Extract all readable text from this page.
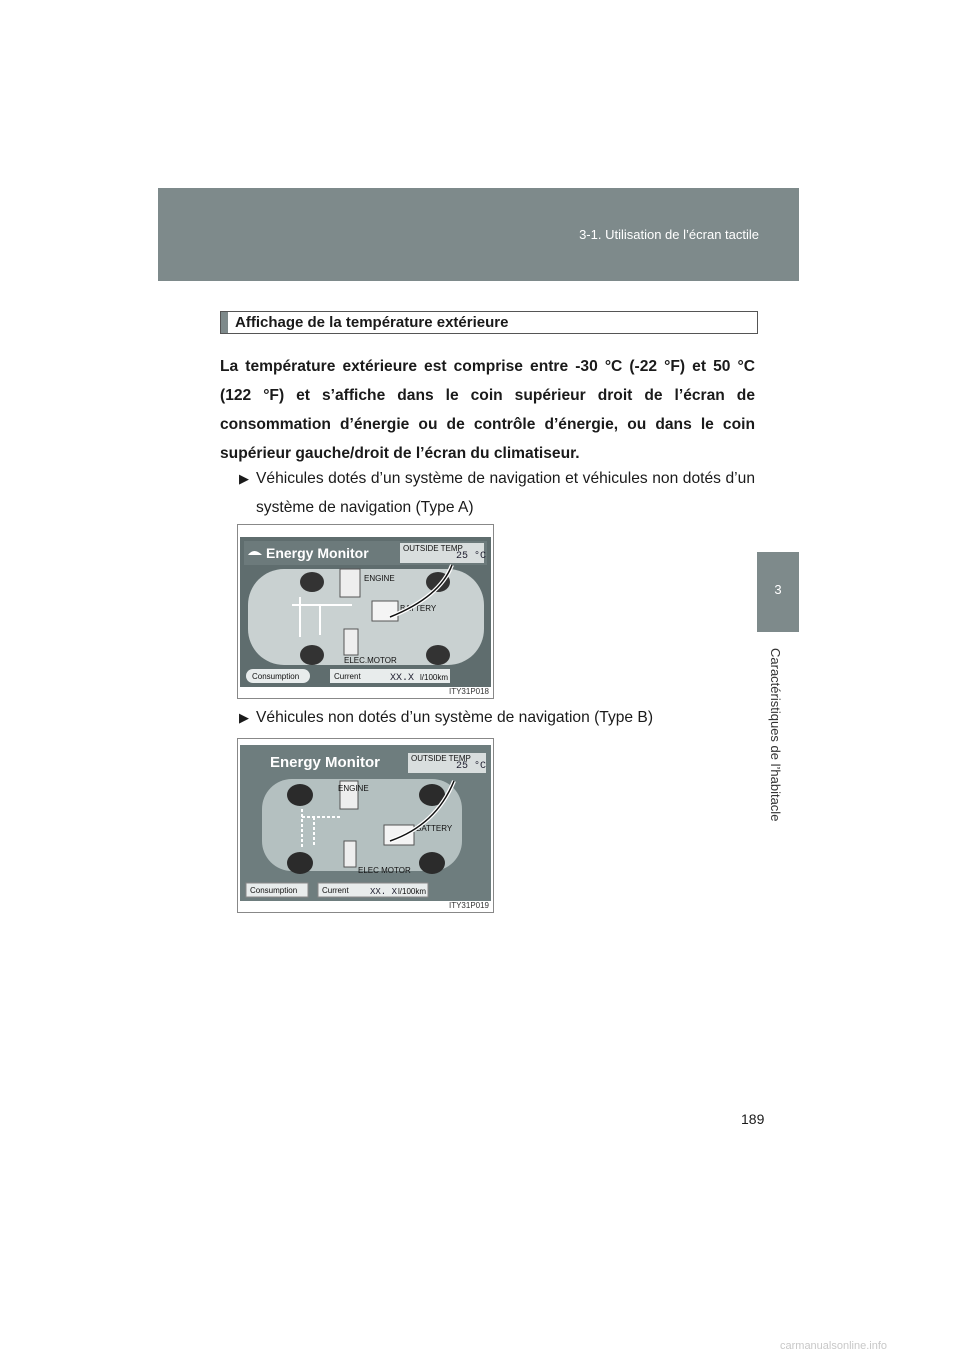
3-1. Utilisation de l’écran tactile
3
Caractéristiques de l’habitacle
Affichage de la température extérieure
La température extérieure est comprise entre -30 °C (-22 °F) et 50 °C (122 °F) et s’affiche dans le coin supérieur droit de l’écran de consommation d’énergie ou de contrôle d’énergie, ou dans le coin supérieur gauche/droit de l’écran du climatiseur.
▶ Véhicules dotés d’un système de navigation et véhicules non dotés d’un système de navigation (Type A)
Energy Monitor	OUTSIDE TEMP
25 °C
ENGINE
BATTERY
ELEC.MOTOR
Consumption	Current	XX.X l/100km
ITY31P018
▶ Véhicules non dotés d’un système de navigation (Type B)
Energy Monitor	OUTSIDE TEMP
25 °C
ENGINE
BATTERY
ELEC MOTOR
Consumption	Current XX. X l/100km
ITY31P019
189
carmanualsonline.info
